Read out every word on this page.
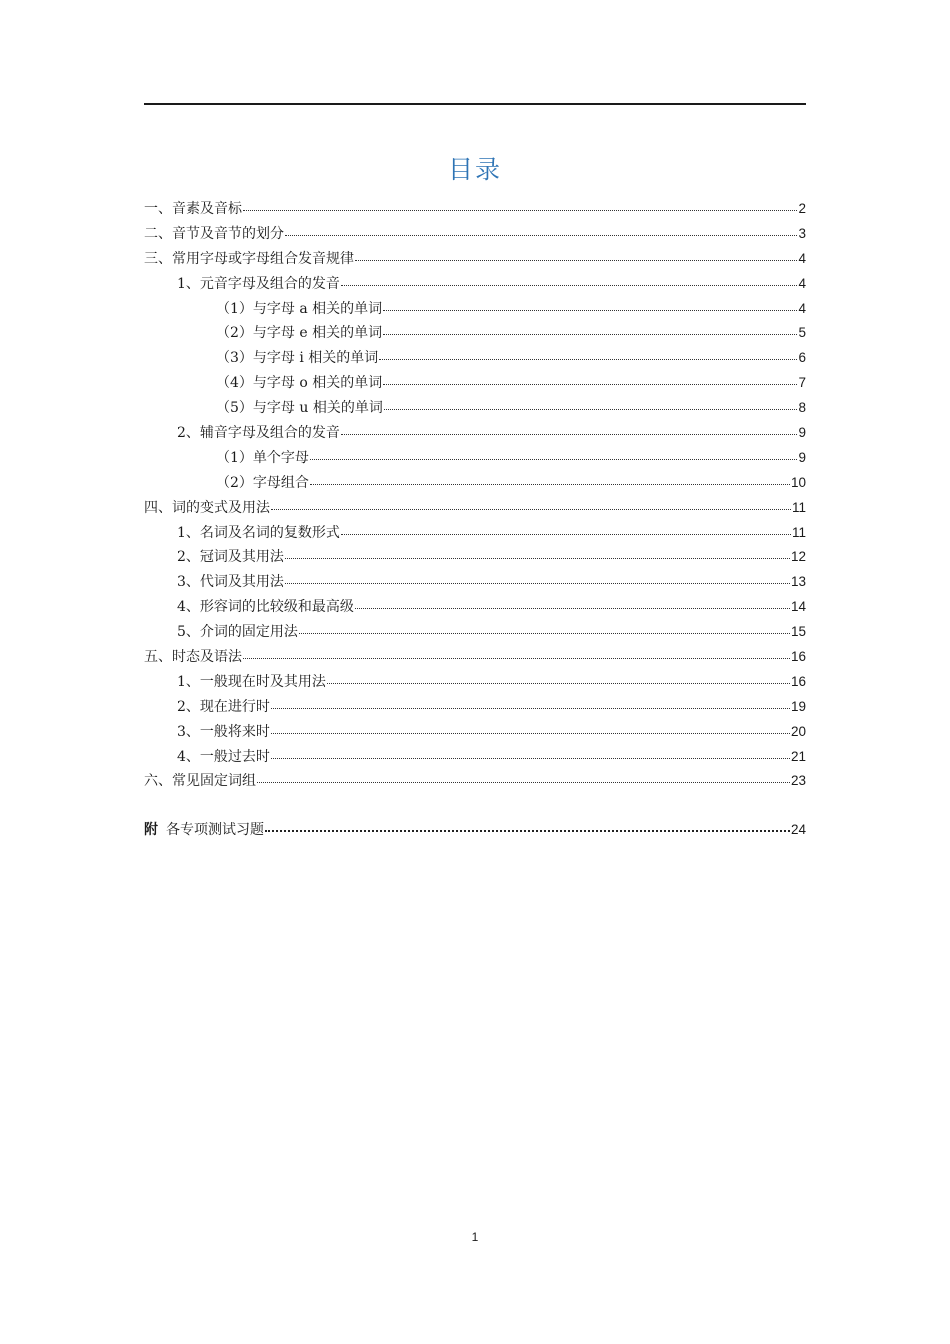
目录
一、音素及音标	2
二、音节及音节的划分	3
三、常用字母或字母组合发音规律	4
1、元音字母及组合的发音	4
（1）与字母 a 相关的单词	4
（2）与字母 e 相关的单词	5
（3）与字母 i 相关的单词	6
（4）与字母 o 相关的单词	7
（5）与字母 u 相关的单词	8
2、辅音字母及组合的发音	9
（1）单个字母	9
（2）字母组合	10
四、词的变式及用法	11
1、名词及名词的复数形式	11
2、冠词及其用法	12
3、代词及其用法	13
4、形容词的比较级和最高级	14
5、介词的固定用法	15
五、时态及语法	16
1、一般现在时及其用法	16
2、现在进行时	19
3、一般将来时	20
4、一般过去时	21
六、常见固定词组	23
附 各专项测试习题	24
1
